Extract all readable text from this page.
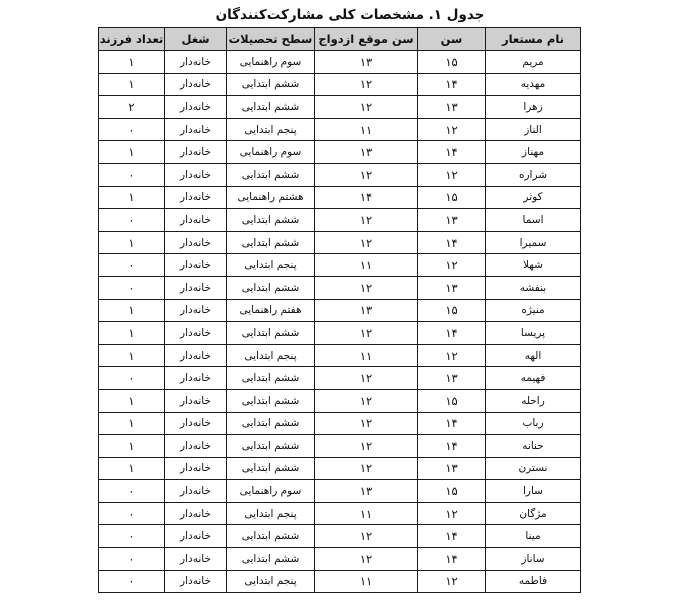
جدول ۱. مشخصات کلی مشارکت‌کنندگان
نام مستعار	سن	سن موقع ازدواج	سطح تحصیلات	شغل	تعداد فرزند
مریم	۱۵	۱۳	سوم راهنمایی	خانه‌دار	۱
مهدیه	۱۴	۱۲	ششم ابتدایی	خانه‌دار	۱
زهرا	۱۳	۱۲	ششم ابتدایی	خانه‌دار	۲
الناز	۱۲	۱۱	پنجم ابتدایی	خانه‌دار	۰
مهناز	۱۴	۱۳	سوم راهنمایی	خانه‌دار	۱
شراره	۱۲	۱۲	ششم ابتدایی	خانه‌دار	۰
کوثر	۱۵	۱۴	هشتم راهنمایی	خانه‌دار	۱
اسما	۱۳	۱۲	ششم ابتدایی	خانه‌دار	۰
سمیرا	۱۴	۱۲	ششم ابتدایی	خانه‌دار	۱
شهلا	۱۲	۱۱	پنجم ابتدایی	خانه‌دار	۰
بنفشه	۱۳	۱۲	ششم ابتدایی	خانه‌دار	۰
منیژه	۱۵	۱۳	هفتم راهنمایی	خانه‌دار	۱
پریسا	۱۴	۱۲	ششم ابتدایی	خانه‌دار	۱
الهه	۱۲	۱۱	پنجم ابتدایی	خانه‌دار	۱
فهیمه	۱۳	۱۲	ششم ابتدایی	خانه‌دار	۰
راحله	۱۵	۱۲	ششم ابتدایی	خانه‌دار	۱
رباب	۱۴	۱۲	ششم ابتدایی	خانه‌دار	۱
حنانه	۱۴	۱۲	ششم ابتدایی	خانه‌دار	۱
نسترن	۱۳	۱۲	ششم ابتدایی	خانه‌دار	۱
سارا	۱۵	۱۳	سوم راهنمایی	خانه‌دار	۰
مژگان	۱۲	۱۱	پنجم ابتدایی	خانه‌دار	۰
مینا	۱۴	۱۲	ششم ابتدایی	خانه‌دار	۰
ساناز	۱۴	۱۲	ششم ابتدایی	خانه‌دار	۰
فاطمه	۱۲	۱۱	پنجم ابتدایی	خانه‌دار	۰
